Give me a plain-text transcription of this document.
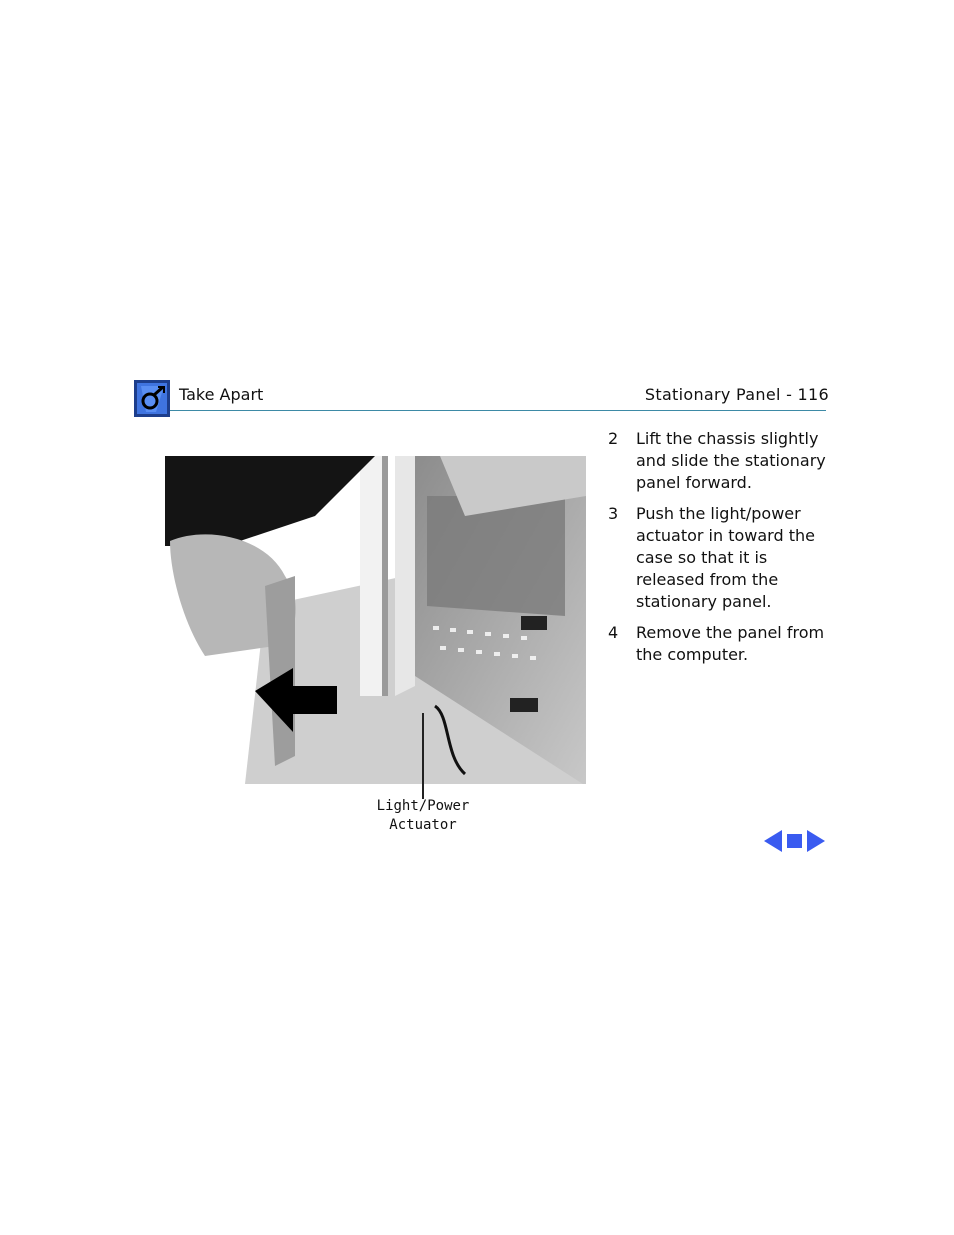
Take Apart	Stationary Panel - 116
Light/Power
Actuator
2	Lift the chassis slightly and slide the stationary panel forward.
3	Push the light/power actuator in toward the case so that it is released from the stationary panel.
4	Remove the panel from the computer.
